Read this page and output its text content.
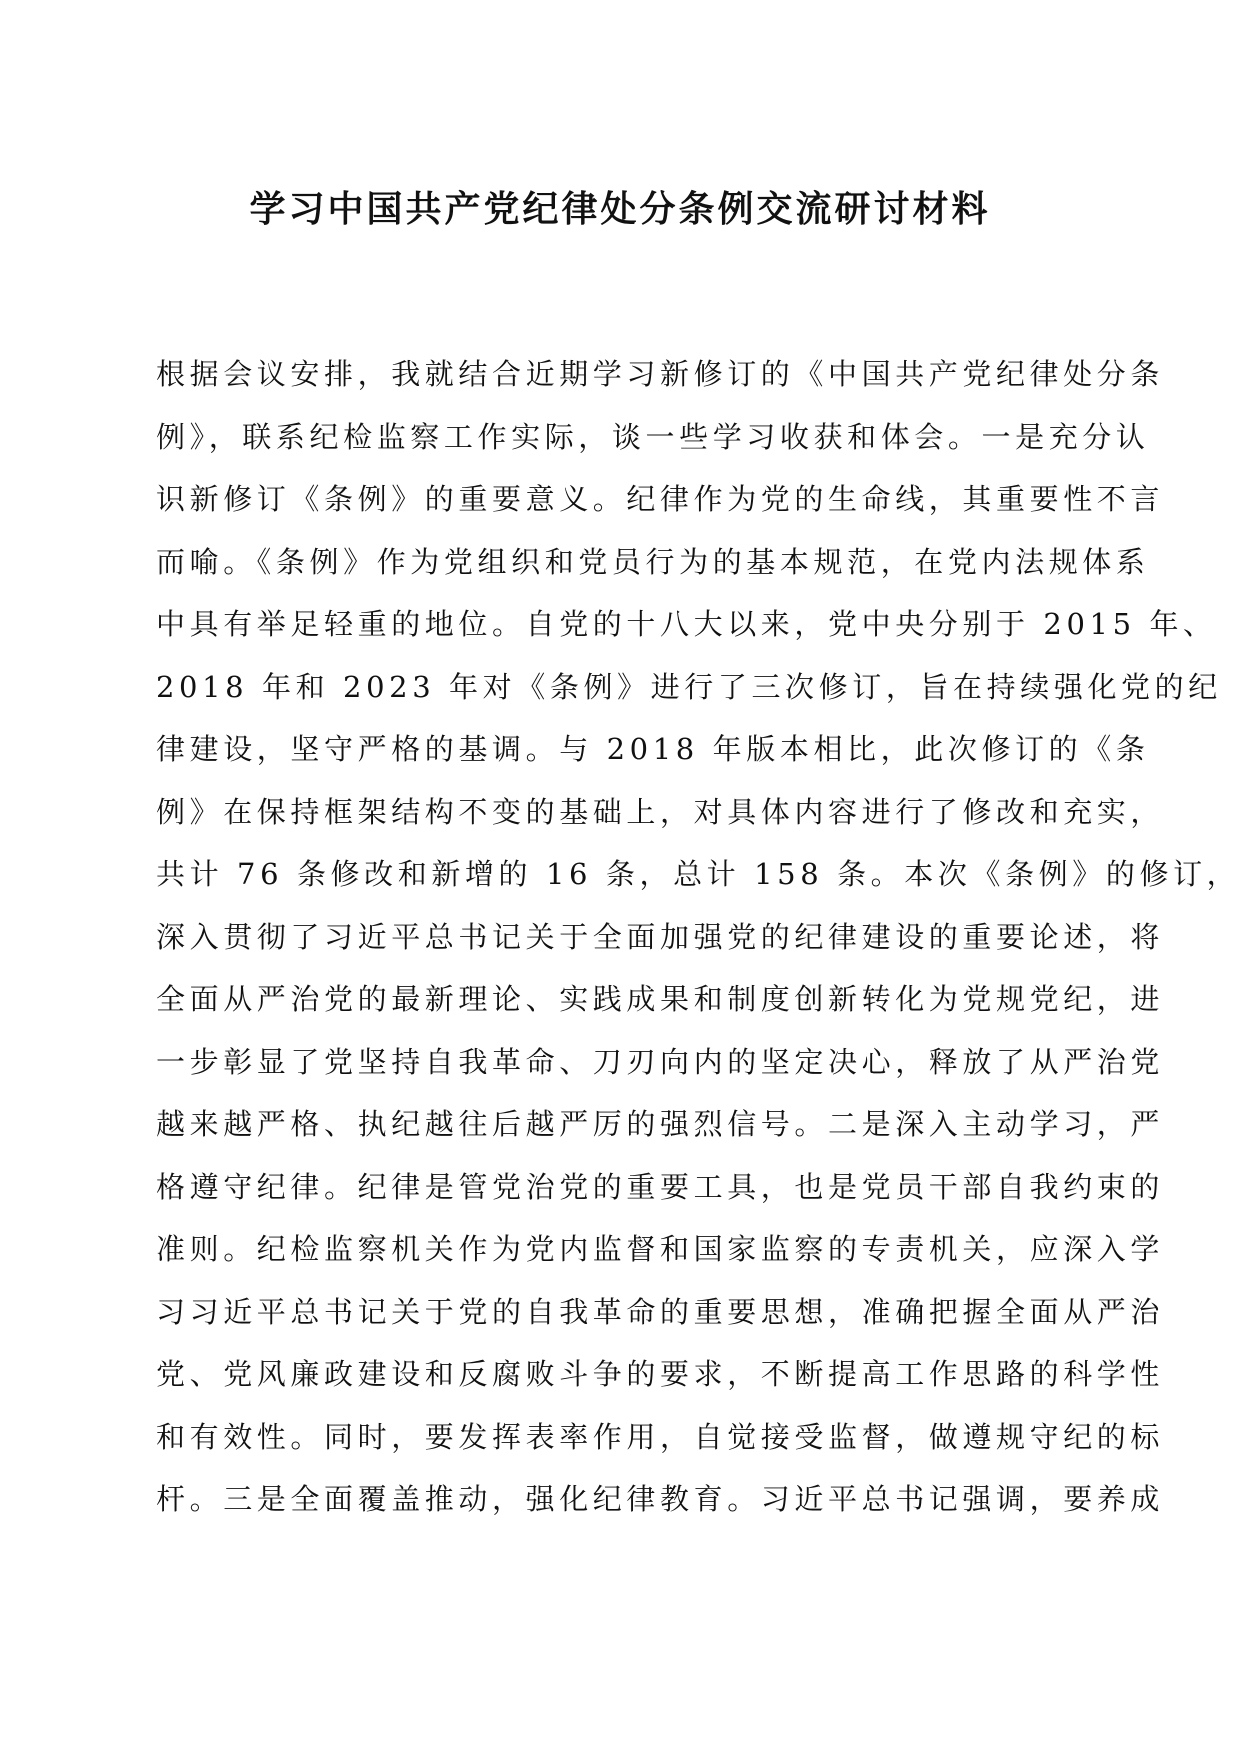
学习中国共产党纪律处分条例交流研讨材料
根据会议安排，我就结合近期学习新修订的《中国共产党纪律处分条
例》，联系纪检监察工作实际，谈一些学习收获和体会。一是充分认
识新修订《条例》的重要意义。纪律作为党的生命线，其重要性不言
而喻。《条例》作为党组织和党员行为的基本规范，在党内法规体系
中具有举足轻重的地位。自党的十八大以来，党中央分别于 2015 年、
2018 年和 2023 年对《条例》进行了三次修订，旨在持续强化党的纪
律建设，坚守严格的基调。与 2018 年版本相比，此次修订的《条
例》在保持框架结构不变的基础上，对具体内容进行了修改和充实，
共计 76 条修改和新增的 16 条，总计 158 条。本次《条例》的修订，
深入贯彻了习近平总书记关于全面加强党的纪律建设的重要论述，将
全面从严治党的最新理论、实践成果和制度创新转化为党规党纪，进
一步彰显了党坚持自我革命、刀刃向内的坚定决心，释放了从严治党
越来越严格、执纪越往后越严厉的强烈信号。二是深入主动学习，严
格遵守纪律。纪律是管党治党的重要工具，也是党员干部自我约束的
准则。纪检监察机关作为党内监督和国家监察的专责机关，应深入学
习习近平总书记关于党的自我革命的重要思想，准确把握全面从严治
党、党风廉政建设和反腐败斗争的要求，不断提高工作思路的科学性
和有效性。同时，要发挥表率作用，自觉接受监督，做遵规守纪的标
杆。三是全面覆盖推动，强化纪律教育。习近平总书记强调，要养成
